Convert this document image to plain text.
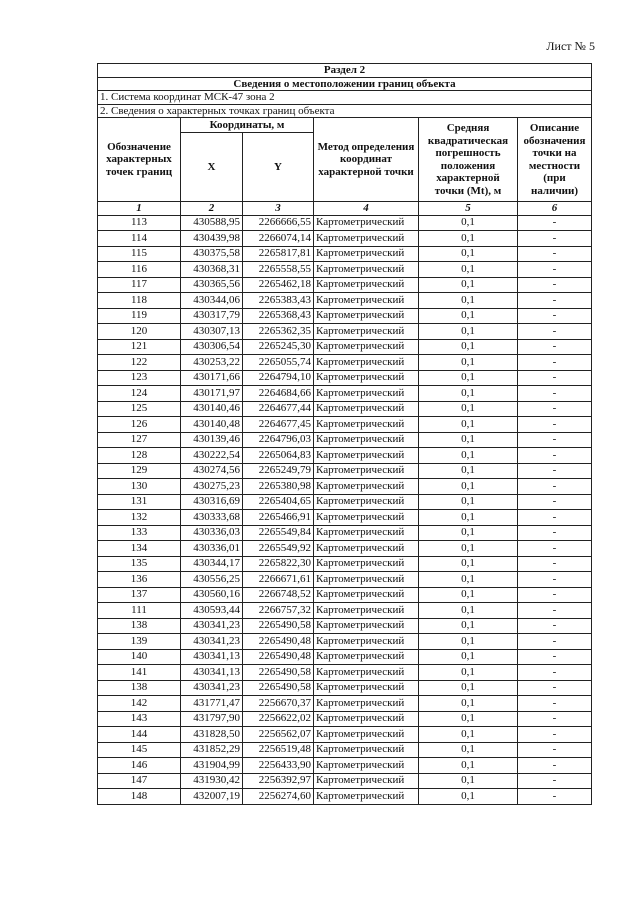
Лист № 5
Раздел 2					
Сведения о местоположении границ объекта					
1. Система координат МСК-47 зона 2					
2. Сведения о характерных точках границ объекта					
Обозначение характерных точек границ	Координаты, м		Метод определения координат характерной точки	Средняя квадратическая погрешность положения характерной точки (Mt), м	Описание обозначения точки на местности (при наличии)
	X	Y			
1	2	3	4	5	6
113	430588,95	2266666,55	Картометрический	0,1	-
114	430439,98	2266074,14	Картометрический	0,1	-
115	430375,58	2265817,81	Картометрический	0,1	-
116	430368,31	2265558,55	Картометрический	0,1	-
117	430365,56	2265462,18	Картометрический	0,1	-
118	430344,06	2265383,43	Картометрический	0,1	-
119	430317,79	2265368,43	Картометрический	0,1	-
120	430307,13	2265362,35	Картометрический	0,1	-
121	430306,54	2265245,30	Картометрический	0,1	-
122	430253,22	2265055,74	Картометрический	0,1	-
123	430171,66	2264794,10	Картометрический	0,1	-
124	430171,97	2264684,66	Картометрический	0,1	-
125	430140,46	2264677,44	Картометрический	0,1	-
126	430140,48	2264677,45	Картометрический	0,1	-
127	430139,46	2264796,03	Картометрический	0,1	-
128	430222,54	2265064,83	Картометрический	0,1	-
129	430274,56	2265249,79	Картометрический	0,1	-
130	430275,23	2265380,98	Картометрический	0,1	-
131	430316,69	2265404,65	Картометрический	0,1	-
132	430333,68	2265466,91	Картометрический	0,1	-
133	430336,03	2265549,84	Картометрический	0,1	-
134	430336,01	2265549,92	Картометрический	0,1	-
135	430344,17	2265822,30	Картометрический	0,1	-
136	430556,25	2266671,61	Картометрический	0,1	-
137	430560,16	2266748,52	Картометрический	0,1	-
111	430593,44	2266757,32	Картометрический	0,1	-
138	430341,23	2265490,58	Картометрический	0,1	-
139	430341,23	2265490,48	Картометрический	0,1	-
140	430341,13	2265490,48	Картометрический	0,1	-
141	430341,13	2265490,58	Картометрический	0,1	-
138	430341,23	2265490,58	Картометрический	0,1	-
142	431771,47	2256670,37	Картометрический	0,1	-
143	431797,90	2256622,02	Картометрический	0,1	-
144	431828,50	2256562,07	Картометрический	0,1	-
145	431852,29	2256519,48	Картометрический	0,1	-
146	431904,99	2256433,90	Картометрический	0,1	-
147	431930,42	2256392,97	Картометрический	0,1	-
148	432007,19	2256274,60	Картометрический	0,1	-
